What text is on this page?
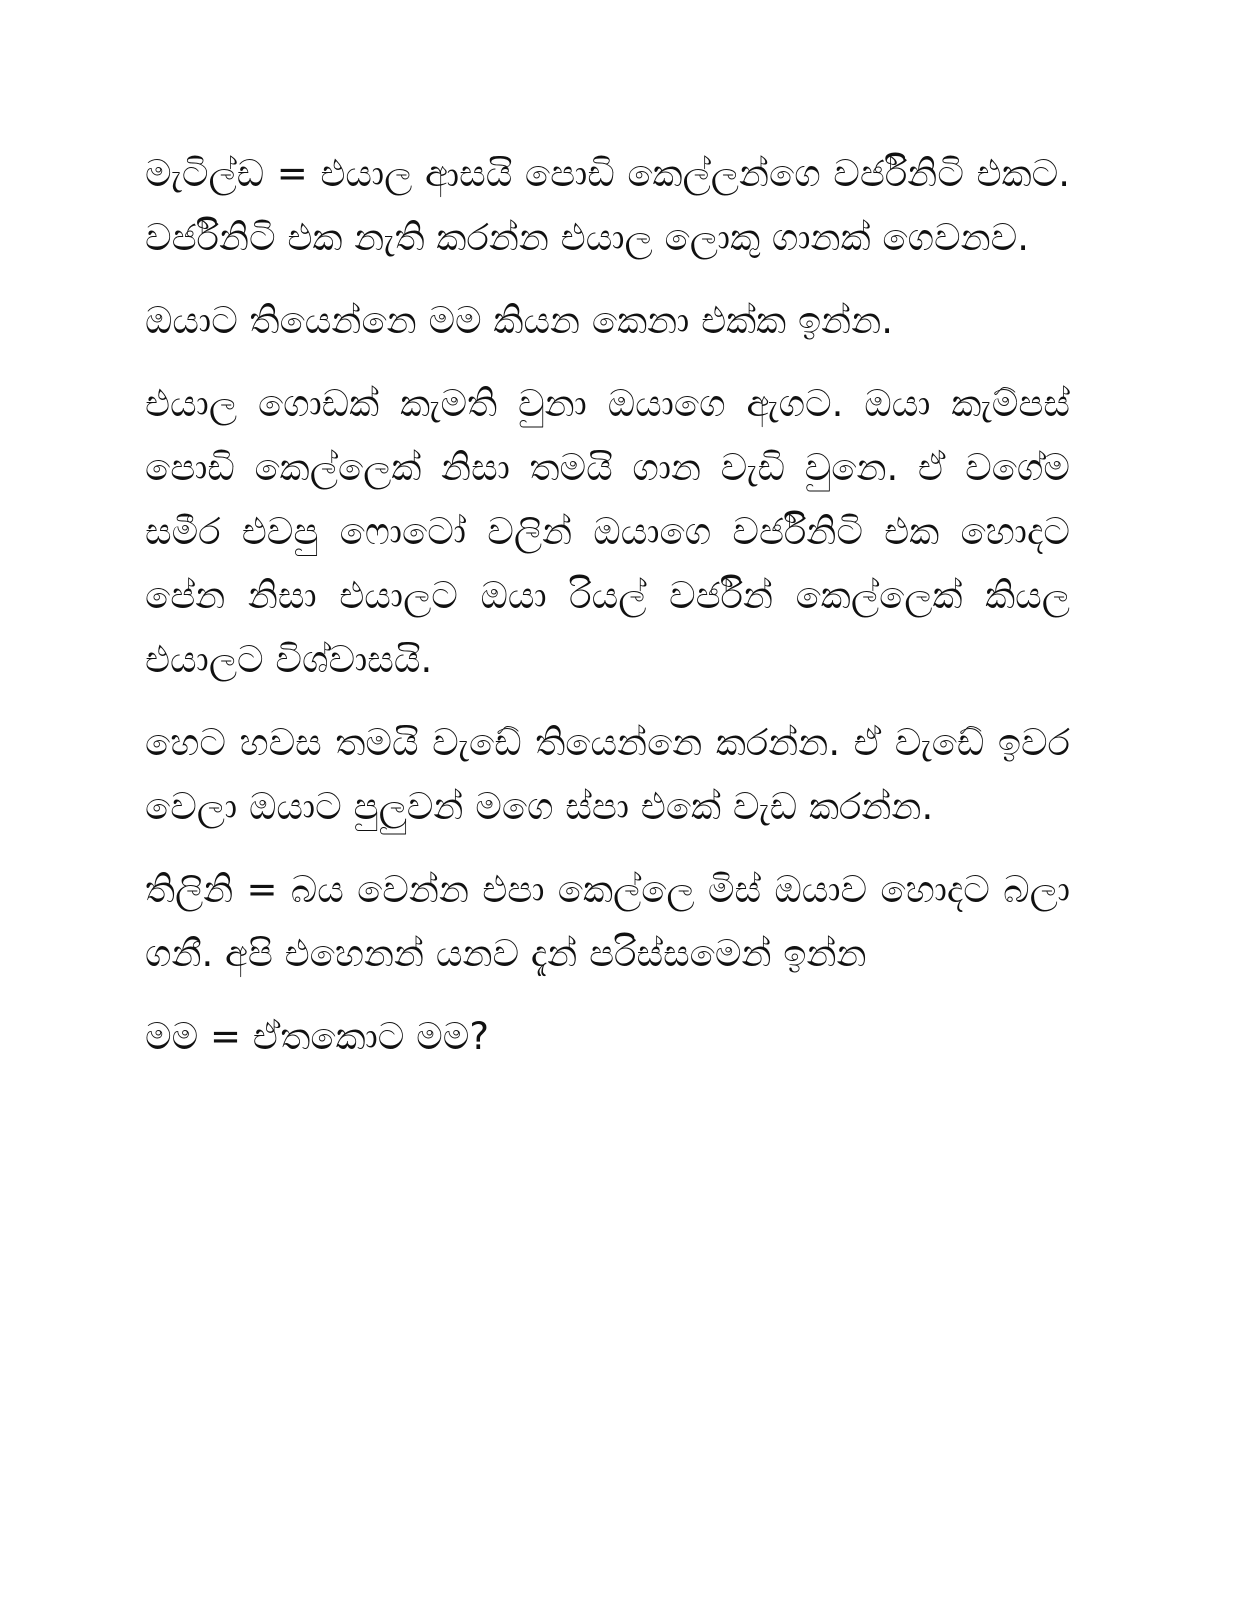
මැටිල්ඩ = එයාල ආසයි පොඩි කෙල්ලන්ගෙ වර්ජිනිටි එකට. වර්ජිනිටි එක නැති කරන්න එයාල ලොකු ගානක් ගෙවනව.

ඔයාට තියෙන්නෙ මම කියන කෙනා එක්ක ඉන්න.

එයාල ගොඩක් කැමති වුනා ඔයාගෙ ඇගට. ඔයා කැම්පස් පොඩි කෙල්ලෙක් නිසා තමයි ගාන වැඩි වුනෙ. ඒ වගේම සමීර එවපු ෆොටෝ වලින් ඔයාගෙ වර්ජිනිටි එක හොදට පේන නිසා එයාලට ඔයා රියල් වර්ජින් කෙල්ලෙක් කියල එයාලට විශ්වාසයි.

හෙට හවස තමයි වැඩේ තියෙන්නෙ කරන්න. ඒ වැඩේ ඉවර වෙලා ඔයාට පුලුවන් මගෙ ස්පා එකේ වැඩ කරන්න.

තිලිනි = බය වෙන්න එපා කෙල්ලෙ මිස් ඔයාව හොදට බලා ගනී. අපි එහෙනන් යනව දැන් පරිස්සමෙන් ඉන්න

මම = ඒතකොට මම?
